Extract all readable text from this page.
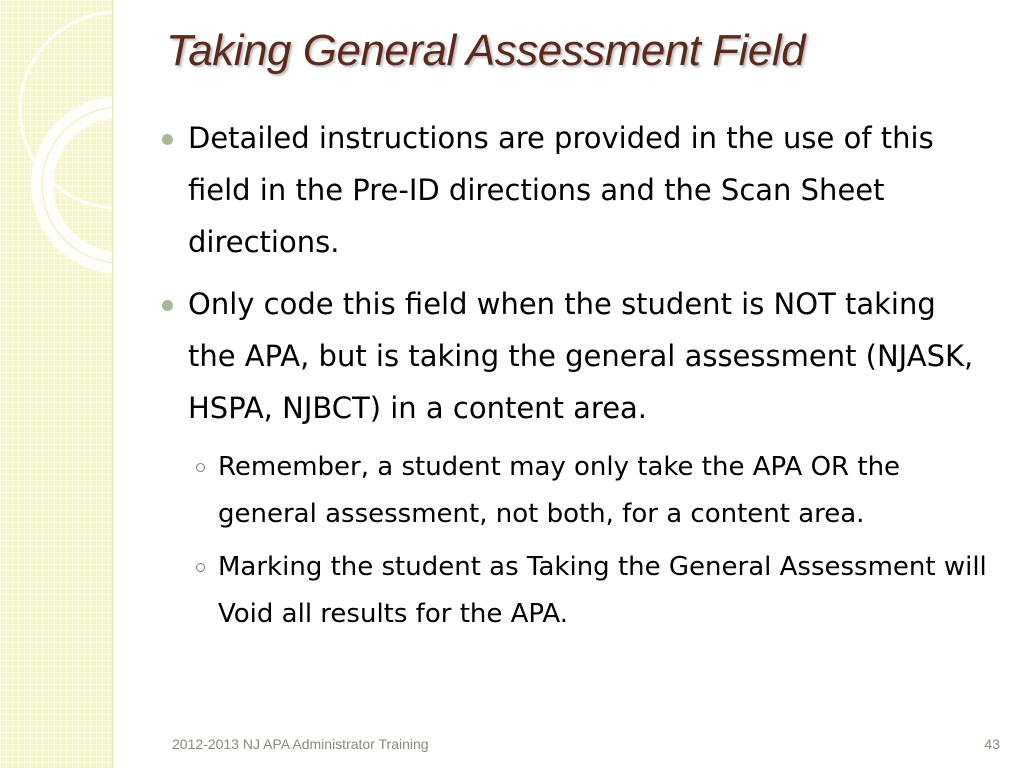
Taking General Assessment Field
Detailed instructions are provided in the use of this field in the Pre-ID directions and the Scan Sheet directions.
Only code this field when the student is NOT taking the APA, but is taking the general assessment (NJASK, HSPA, NJBCT) in a content area.
Remember, a student may only take the APA OR the general assessment, not both, for a content area.
Marking the student as Taking the General Assessment will Void all results for the APA.
2012-2013 NJ APA Administrator Training	43
